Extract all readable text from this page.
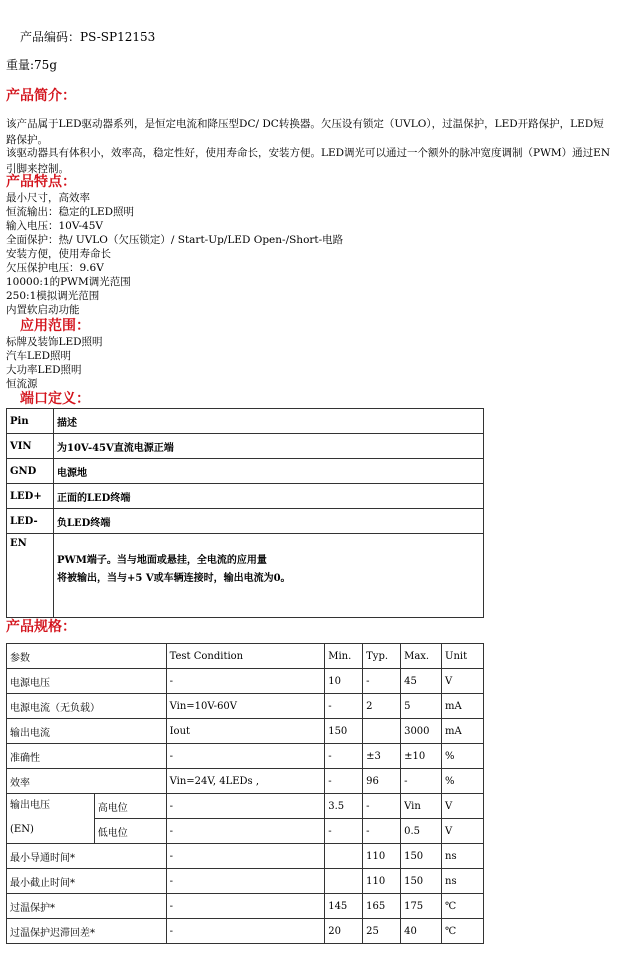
产品编码：PS-SP12153
重量:75g
产品简介：
该产品属于LED驱动器系列，是恒定电流和降压型DC/ DC转换器。欠压设有锁定（UVLO），过温保护，LED开路保护，LED短路保护。
该驱动器具有体积小，效率高，稳定性好，使用寿命长，安装方便。LED调光可以通过一个额外的脉冲宽度调制（PWM）通过EN引脚来控制。
产品特点：
最小尺寸，高效率
恒流输出：稳定的LED照明
输入电压：10V-45V
全面保护：热/ UVLO（欠压锁定）/ Start-Up/LED Open-/Short-电路
安装方便，使用寿命长
欠压保护电压：9.6V
10000:1的PWM调光范围
250:1模拟调光范围
内置软启动功能
应用范围：
标牌及装饰LED照明
汽车LED照明
大功率LED照明
恒流源
端口定义：
Pin	描述
VIN	为10V-45V直流电源正端
GND	电源地
LED+	正面的LED终端
LED-	负LED终端
EN	PWM端子。当与地面或悬挂，全电流的应用量
将被输出，当与+5 V或车辆连接时，输出电流为0。
产品规格：
参数		Test Condition	Min.	Typ.	Max.	Unit
电源电压		-	10	-	45	V
电源电流（无负载）		Vin=10V-60V	-	2	5	mA
输出电流		Iout	150		3000	mA
准确性		-	-	±3	±10	%
效率		Vin=24V, 4LEDs ,	-	96	-	%

输出电压
(EN)	高电位	-	3.5	-	Vin	V
	低电位	-	-	-	0.5	V
最小导通时间*		-		110	150	ns
最小截止时间*		-		110	150	ns
过温保护*		-	145	165	175	℃
过温保护迟滞回差*		-	20	25	40	℃
